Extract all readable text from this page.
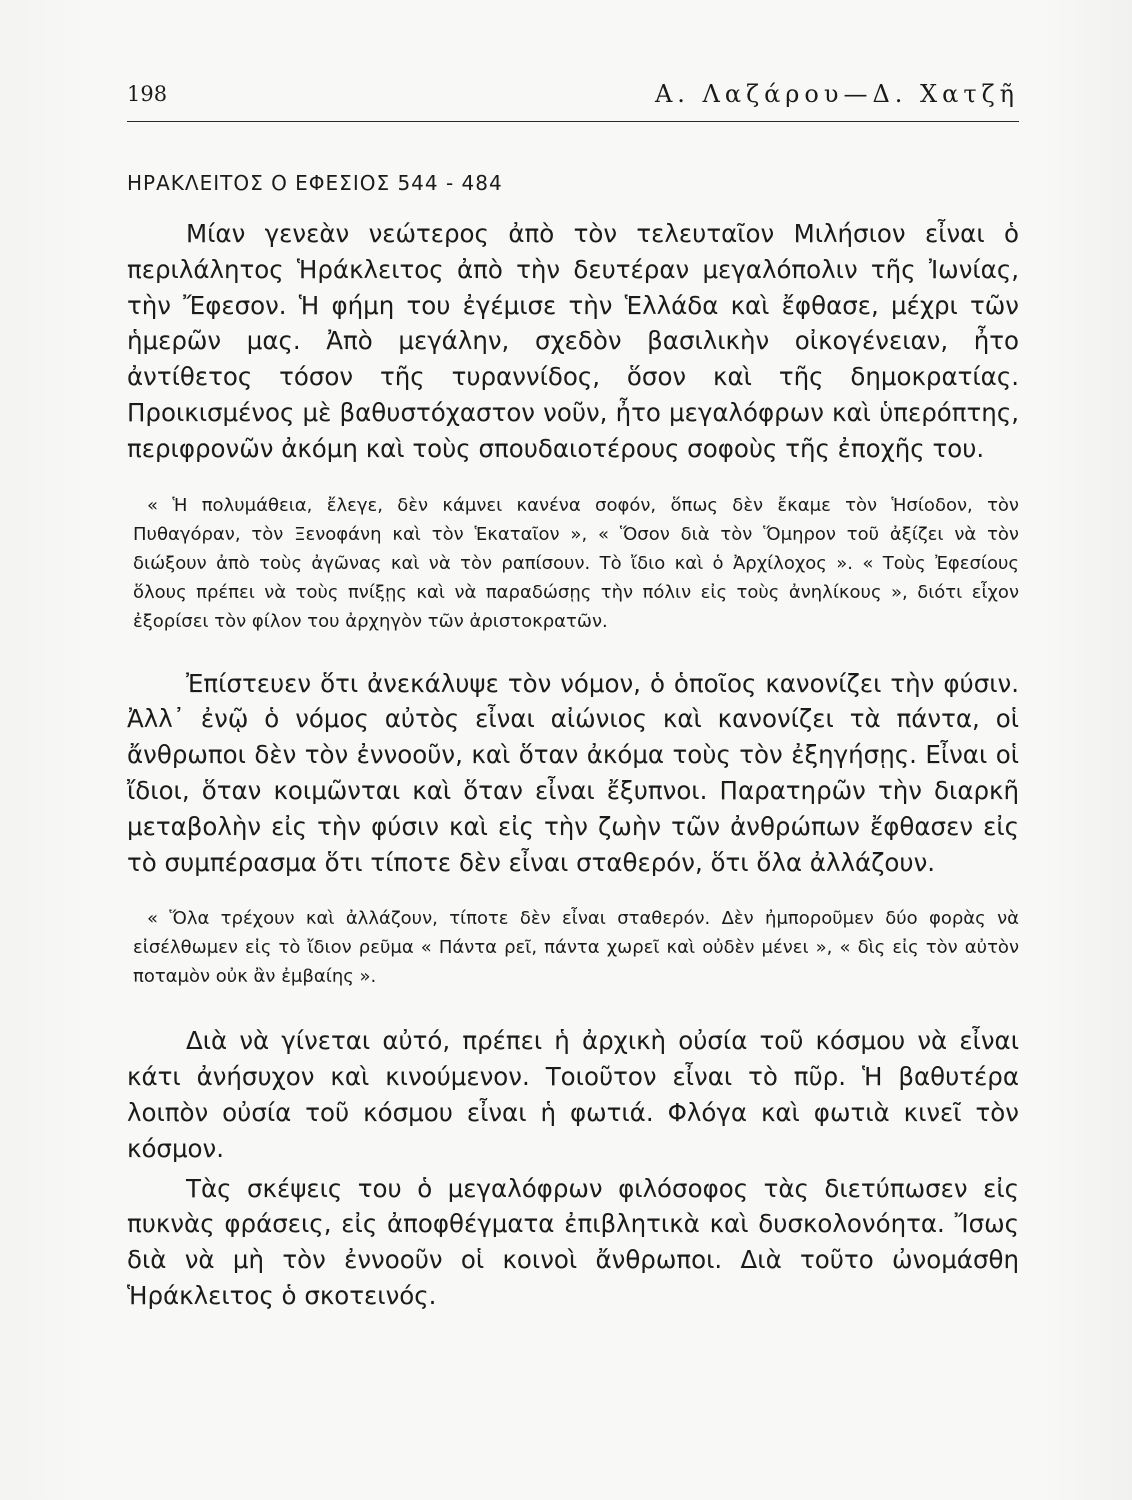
198	Α. Λαζάρου—Δ. Χατζῆ
ΗΡΑΚΛΕΙΤΟΣ Ο ΕΦΕΣΙΟΣ 544 - 484

Μίαν γενεὰν νεώτερος ἀπὸ τὸν τελευταῖον Μιλήσιον εἶναι ὁ περιλάλητος Ἡράκλειτος ἀπὸ τὴν δευτέραν μεγαλόπολιν τῆς Ἰωνίας, τὴν Ἔφεσον. Ἡ φήμη του ἐγέμισε τὴν Ἑλλάδα καὶ ἔφθασε, μέχρι τῶν ἡμερῶν μας. Ἀπὸ μεγάλην, σχεδὸν βασιλικὴν οἰκογένειαν, ἦτο ἀντίθετος τόσον τῆς τυραννίδος, ὅσον καὶ τῆς δημοκρατίας. Προικισμένος μὲ βαθυστόχαστον νοῦν, ἦτο μεγαλόφρων καὶ ὑπερόπτης, περιφρονῶν ἀκόμη καὶ τοὺς σπουδαιοτέρους σοφοὺς τῆς ἐποχῆς του.

« Ἡ πολυμάθεια, ἔλεγε, δὲν κάμνει κανένα σοφόν, ὅπως δὲν ἔκαμε τὸν Ἡσίοδον, τὸν Πυθαγόραν, τὸν Ξενοφάνη καὶ τὸν Ἑκαταῖον », « Ὅσον διὰ τὸν Ὅμηρον τοῦ ἀξίζει νὰ τὸν διώξουν ἀπὸ τοὺς ἀγῶνας καὶ νὰ τὸν ραπίσουν. Τὸ ἴδιο καὶ ὁ Ἀρχίλοχος ». « Τοὺς Ἐφεσίους ὅλους πρέπει νὰ τοὺς πνίξῃς καὶ νὰ παραδώσῃς τὴν πόλιν εἰς τοὺς ἀνηλίκους », διότι εἶχον ἐξορίσει τὸν φίλον του ἀρχηγὸν τῶν ἀριστοκρατῶν.

Ἐπίστευεν ὅτι ἀνεκάλυψε τὸν νόμον, ὁ ὁποῖος κανονίζει τὴν φύσιν. Ἀλλ᾽ ἐνῷ ὁ νόμος αὐτὸς εἶναι αἰώνιος καὶ κανονίζει τὰ πάντα, οἱ ἄνθρωποι δὲν τὸν ἐννοοῦν, καὶ ὅταν ἀκόμα τοὺς τὸν ἐξηγήσῃς. Εἶναι οἱ ἴδιοι, ὅταν κοιμῶνται καὶ ὅταν εἶναι ἔξυπνοι. Παρατηρῶν τὴν διαρκῆ μεταβολὴν εἰς τὴν φύσιν καὶ εἰς τὴν ζωὴν τῶν ἀνθρώπων ἔφθασεν εἰς τὸ συμπέρασμα ὅτι τίποτε δὲν εἶναι σταθερόν, ὅτι ὅλα ἀλλάζουν.

« Ὅλα τρέχουν καὶ ἀλλάζουν, τίποτε δὲν εἶναι σταθερόν. Δὲν ἠμποροῦμεν δύο φορὰς νὰ εἰσέλθωμεν εἰς τὸ ἴδιον ρεῦμα « Πάντα ρεῖ, πάντα χωρεῖ καὶ οὐδὲν μένει », « δὶς εἰς τὸν αὐτὸν ποταμὸν οὐκ ἂν ἐμβαίης ».

Διὰ νὰ γίνεται αὐτό, πρέπει ἡ ἀρχικὴ οὐσία τοῦ κόσμου νὰ εἶναι κάτι ἀνήσυχον καὶ κινούμενον. Τοιοῦτον εἶναι τὸ πῦρ. Ἡ βαθυτέρα λοιπὸν οὐσία τοῦ κόσμου εἶναι ἡ φωτιά. Φλόγα καὶ φωτιὰ κινεῖ τὸν κόσμον.

Τὰς σκέψεις του ὁ μεγαλόφρων φιλόσοφος τὰς διετύπωσεν εἰς πυκνὰς φράσεις, εἰς ἀποφθέγματα ἐπιβλητικὰ καὶ δυσκολονόητα. Ἴσως διὰ νὰ μὴ τὸν ἐννοοῦν οἱ κοινοὶ ἄνθρωποι. Διὰ τοῦτο ὠνομάσθη Ἡράκλειτος ὁ σκοτεινός.
